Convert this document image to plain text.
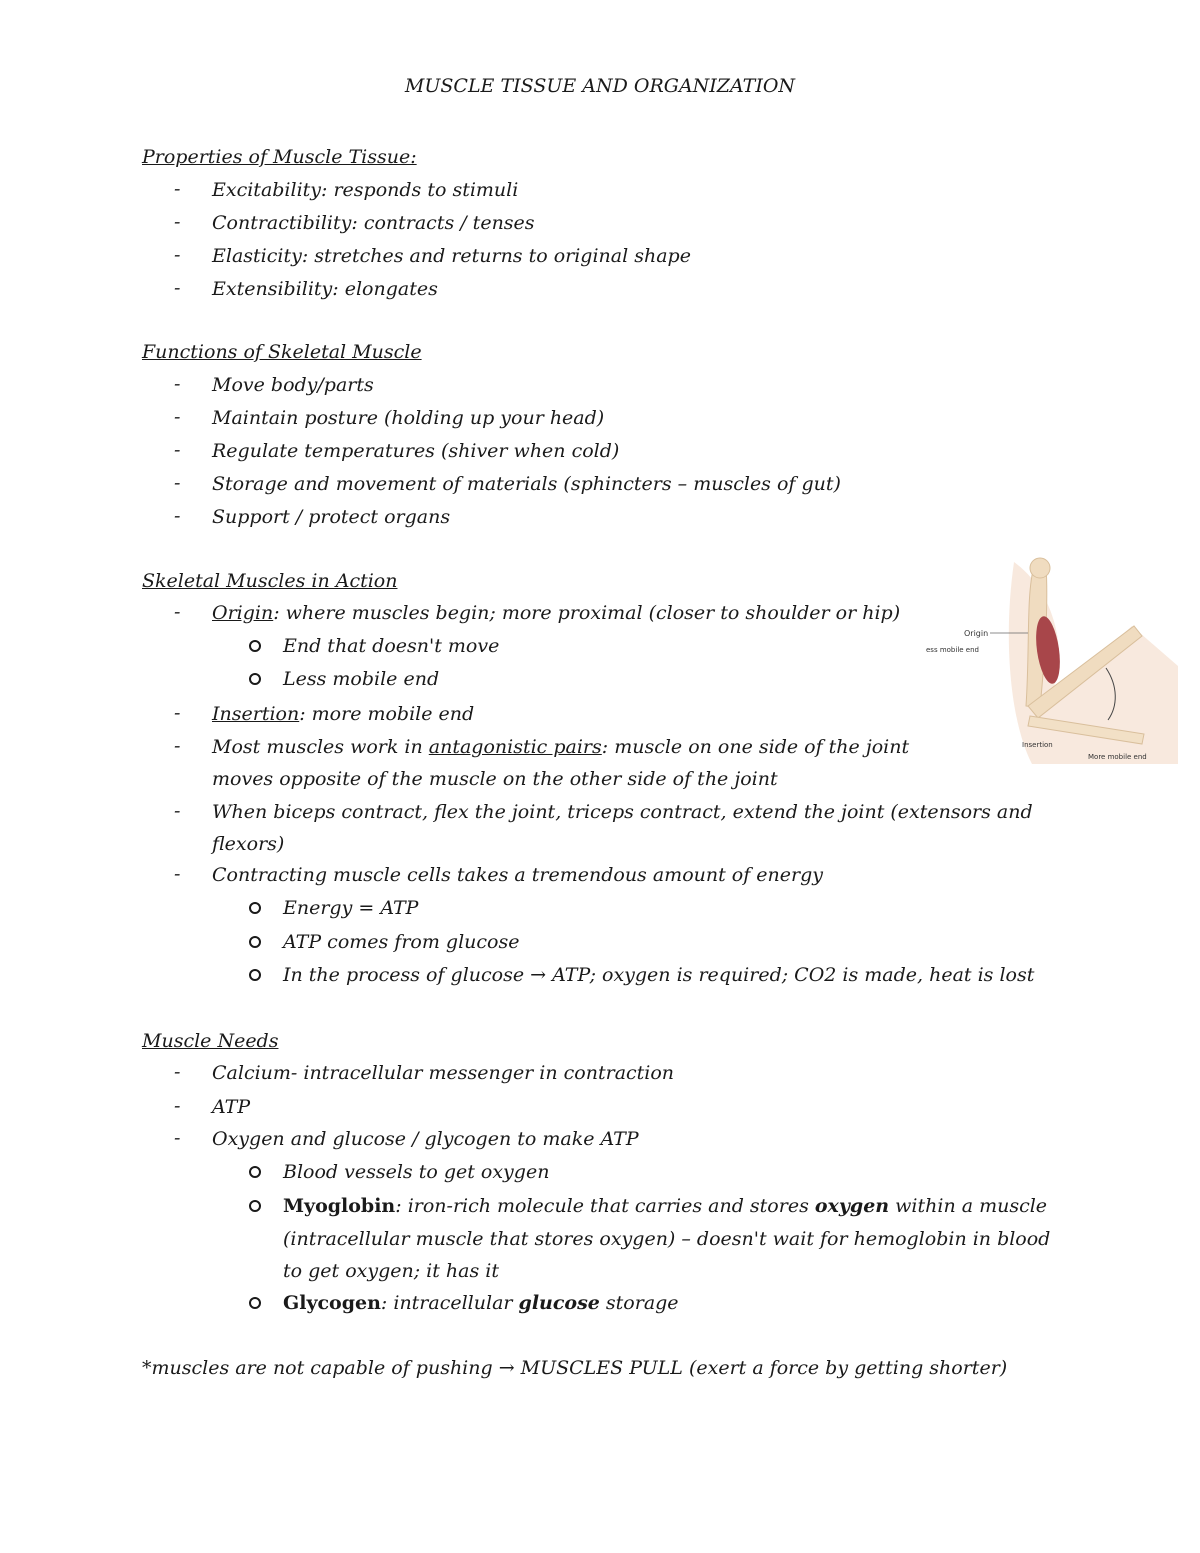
MUSCLE TISSUE AND ORGANIZATION
Properties of Muscle Tissue:
- Excitability: responds to stimuli
- Contractibility: contracts / tenses
- Elasticity: stretches and returns to original shape
- Extensibility: elongates
Functions of Skeletal Muscle
- Move body/parts
- Maintain posture (holding up your head)
- Regulate temperatures (shiver when cold)
- Storage and movement of materials (sphincters – muscles of gut)
- Support / protect organs
Skeletal Muscles in Action
- Origin: where muscles begin; more proximal (closer to shoulder or hip)
End that doesn't move
Less mobile end
- Insertion: more mobile end
- Most muscles work in antagonistic pairs: muscle on one side of the joint
moves opposite of the muscle on the other side of the joint
- When biceps contract, flex the joint, triceps contract, extend the joint (extensors and
flexors)
- Contracting muscle cells takes a tremendous amount of energy
Energy = ATP
ATP comes from glucose
In the process of glucose → ATP; oxygen is required; CO2 is made, heat is lost
Origin
ess mobile end
Insertion
More mobile end
Muscle Needs
- Calcium- intracellular messenger in contraction
- ATP
- Oxygen and glucose / glycogen to make ATP
Blood vessels to get oxygen
Myoglobin: iron-rich molecule that carries and stores oxygen within a muscle
(intracellular muscle that stores oxygen) – doesn't wait for hemoglobin in blood
to get oxygen; it has it
Glycogen: intracellular glucose storage
*muscles are not capable of pushing → MUSCLES PULL (exert a force by getting shorter)
